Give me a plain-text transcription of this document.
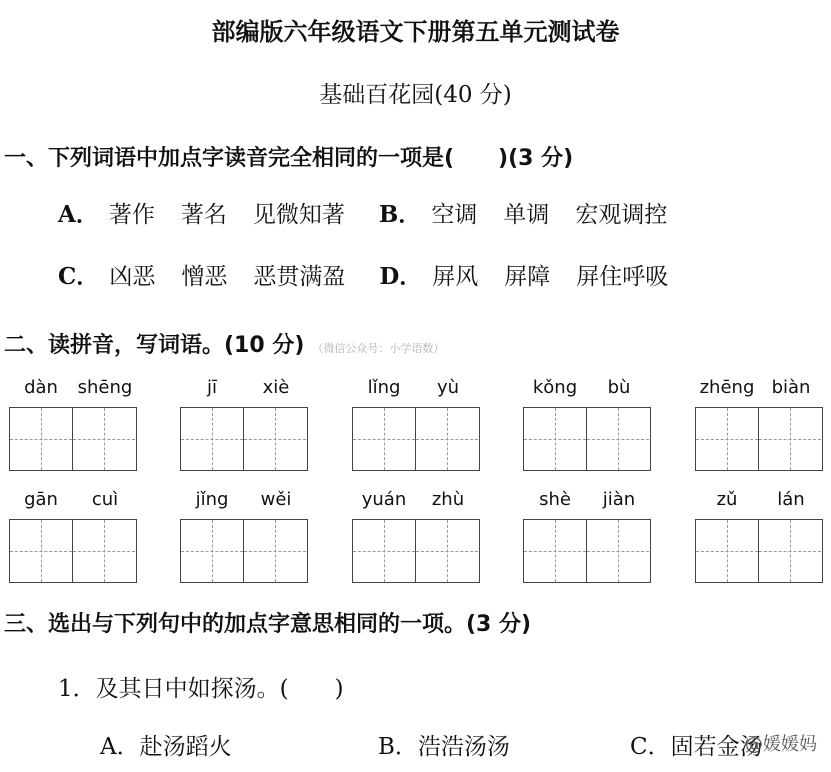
部编版六年级语文下册第五单元测试卷
基础百花园(40 分)
一、下列词语中加点字读音完全相同的一项是(　　)(3 分)
A． 著作 著名 见微知著 B． 空调 单调 宏观调控
C． 凶恶 憎恶 恶贯满盈 D． 屏风 屏障 屏住呼吸
二、读拼音，写词语。(10 分) （微信公众号：小学语数）
dàn	shēng	jī	xiè	lǐng	yù	kǒng	bù	zhēng biàn
gān	cuì	jǐng	wěi	yuán	zhù	shè	jiàn	zǔ	lán
三、选出与下列句中的加点字意思相同的一项。(3 分)
1．及其日中如探汤。(　　)
A．赴汤蹈火	B．浩浩汤汤	C．固若金汤
@媛媛妈
